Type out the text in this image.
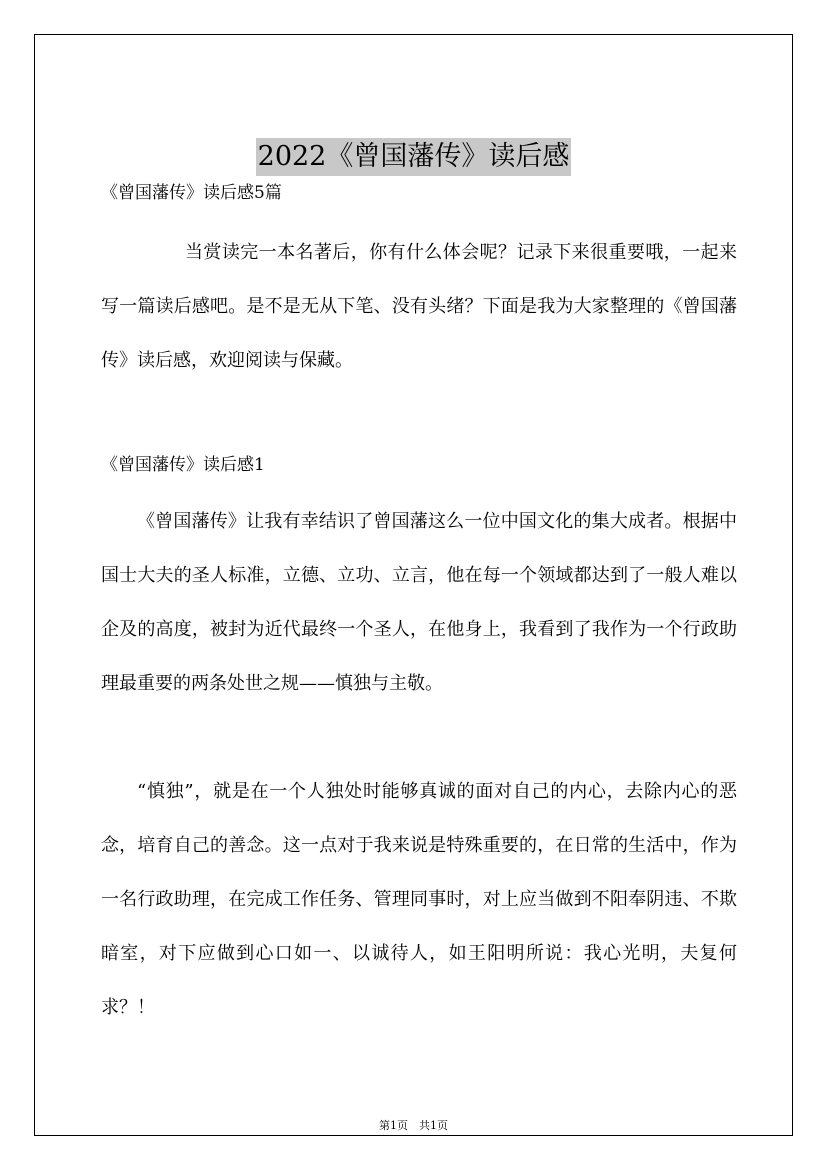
2022《曾国藩传》读后感

《曾国藩传》读后感5篇

当赏读完一本名著后，你有什么体会呢？记录下来很重要哦，一起来写一篇读后感吧。是不是无从下笔、没有头绪？下面是我为大家整理的《曾国藩传》读后感，欢迎阅读与保藏。

《曾国藩传》读后感1

《曾国藩传》让我有幸结识了曾国藩这么一位中国文化的集大成者。根据中国士大夫的圣人标准，立德、立功、立言，他在每一个领域都达到了一般人难以企及的高度，被封为近代最终一个圣人，在他身上，我看到了我作为一个行政助理最重要的两条处世之规——慎独与主敬。

“慎独”，就是在一个人独处时能够真诚的面对自己的内心，去除内心的恶念，培育自己的善念。这一点对于我来说是特殊重要的，在日常的生活中，作为一名行政助理，在完成工作任务、管理同事时，对上应当做到不阳奉阴违、不欺暗室，对下应做到心口如一、以诚待人，如王阳明所说：我心光明，夫复何求？！

第1页　共1页
